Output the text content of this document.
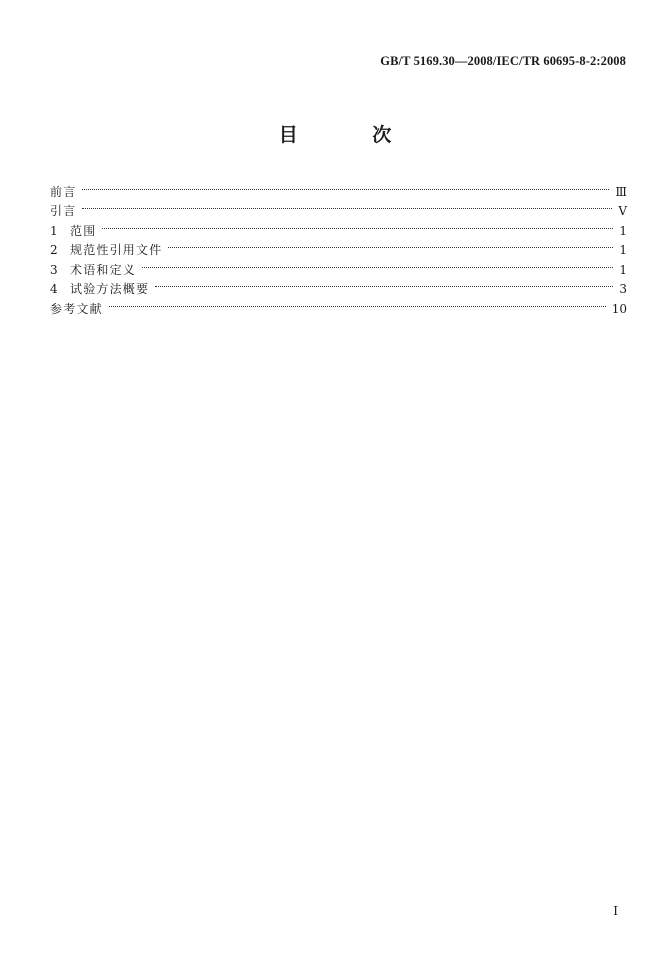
GB/T 5169.30—2008/IEC/TR 60695-8-2:2008
目 次
前言	Ⅲ
引言	Ⅴ
1	范围	1
2	规范性引用文件	1
3	术语和定义	1
4	试验方法概要	3
参考文献	10
I
